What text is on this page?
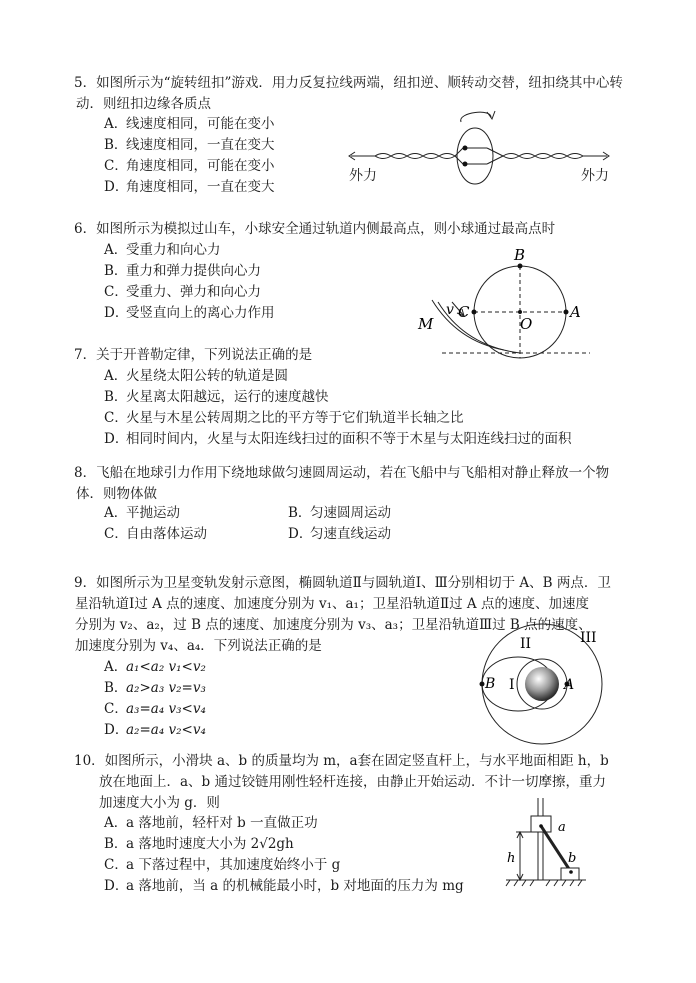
5．如图所示为“旋转纽扣”游戏．用力反复拉线两端，纽扣逆、顺转动交替，纽扣绕其中心转动．则纽扣边缘各质点
A．线速度相同，可能在变小
B．线速度相同，一直在变大
C．角速度相同，可能在变小
D．角速度相同，一直在变大
外力	外力
6．如图所示为模拟过山车，小球安全通过轨道内侧最高点，则小球通过最高点时
A．受重力和向心力
B．重力和弹力提供向心力
C．受重力、弹力和向心力
D．受竖直向上的离心力作用
B
A
C
O
v
M
7．关于开普勒定律，下列说法正确的是
A．火星绕太阳公转的轨道是圆
B．火星离太阳越远，运行的速度越快
C．火星与木星公转周期之比的平方等于它们轨道半长轴之比
D．相同时间内，火星与太阳连线扫过的面积不等于木星与太阳连线扫过的面积
8．飞船在地球引力作用下绕地球做匀速圆周运动，若在飞船中与飞船相对静止释放一个物体．则物体做
A．平抛运动	B．匀速圆周运动
C．自由落体运动	D．匀速直线运动
9．如图所示为卫星变轨发射示意图，椭圆轨道Ⅱ与圆轨道Ⅰ、Ⅲ分别相切于 A、B 两点．卫
星沿轨道Ⅰ过 A 点的速度、加速度分别为 v₁、a₁；卫星沿轨道Ⅱ过 A 点的速度、加速度
分别为 v₂、a₂，过 B 点的速度、加速度分别为 v₃、a₃；卫星沿轨道Ⅲ过 B 点的速度、
加速度分别为 v₄、a₄．下列说法正确的是
A．a₁<a₂ v₁<v₂
B．a₂>a₃ v₂=v₃
C．a₃=a₄ v₃<v₄
D．a₂=a₄ v₂<v₄
II	III
I	A
B
10．如图所示，小滑块 a、b 的质量均为 m，a套在固定竖直杆上，与水平地面相距 h，b
放在地面上．a、b 通过铰链用刚性轻杆连接，由静止开始运动．不计一切摩擦，重力
加速度大小为 g．则
A．a 落地前，轻杆对 b 一直做正功
B．a 落地时速度大小为 2√2gh
C．a 下落过程中，其加速度始终小于 g
D．a 落地前，当 a 的机械能最小时，b 对地面的压力为 mg
a
b
h
